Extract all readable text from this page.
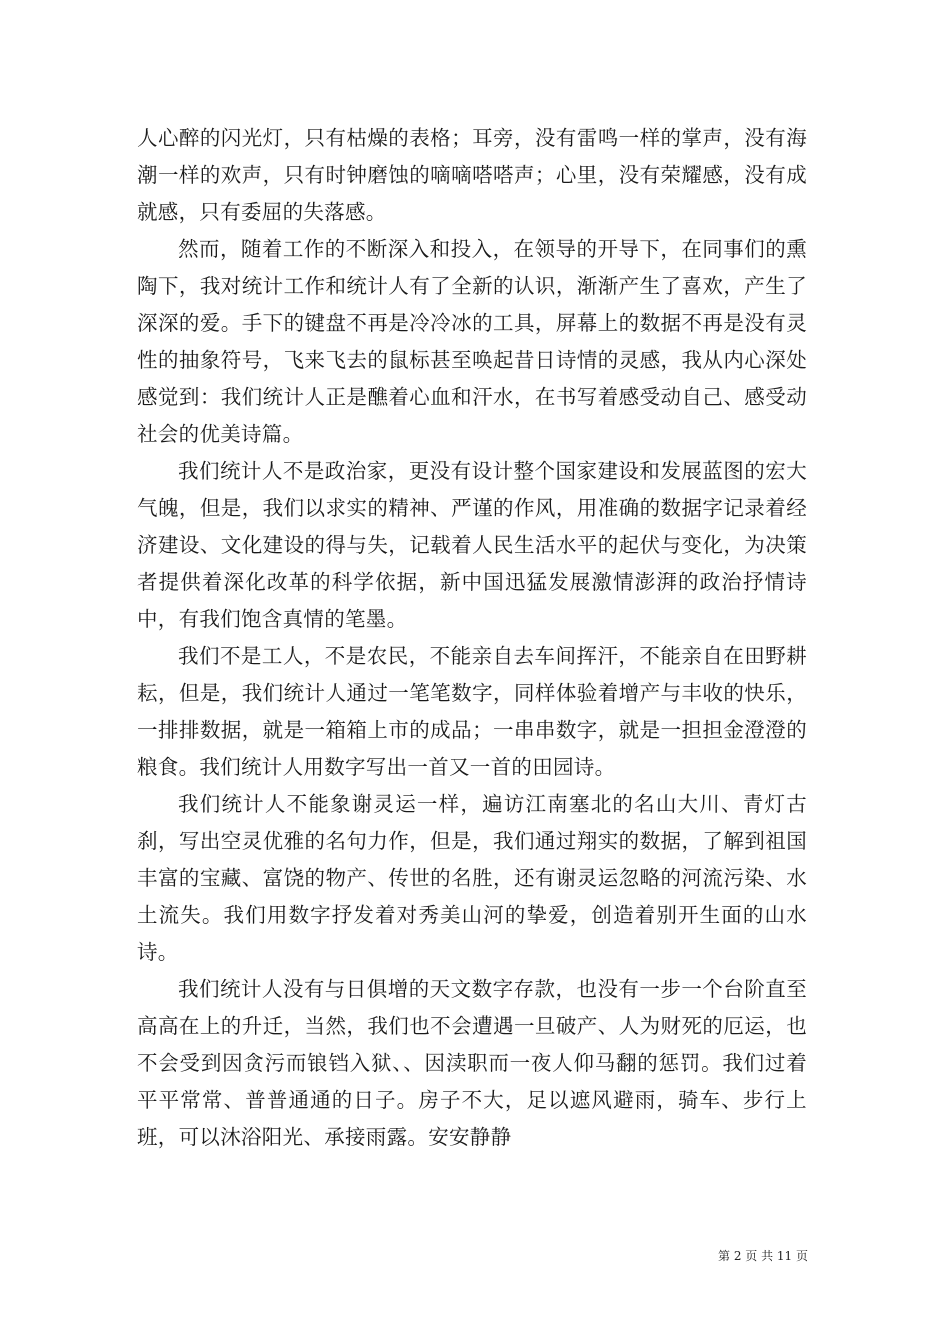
人心醉的闪光灯，只有枯燥的表格；耳旁，没有雷鸣一样的掌声，没有海潮一样的欢声，只有时钟磨蚀的嘀嘀嗒嗒声；心里，没有荣耀感，没有成就感，只有委屈的失落感。

然而，随着工作的不断深入和投入，在领导的开导下，在同事们的熏陶下，我对统计工作和统计人有了全新的认识，渐渐产生了喜欢，产生了深深的爱。手下的键盘不再是冷冷冰的工具，屏幕上的数据不再是没有灵性的抽象符号，飞来飞去的鼠标甚至唤起昔日诗情的灵感，我从内心深处感觉到：我们统计人正是醮着心血和汗水，在书写着感受动自己、感受动社会的优美诗篇。

我们统计人不是政治家，更没有设计整个国家建设和发展蓝图的宏大气魄，但是，我们以求实的精神、严谨的作风，用准确的数据字记录着经济建设、文化建设的得与失，记载着人民生活水平的起伏与变化，为决策者提供着深化改革的科学依据，新中国迅猛发展激情澎湃的政治抒情诗中，有我们饱含真情的笔墨。

我们不是工人，不是农民，不能亲自去车间挥汗，不能亲自在田野耕耘，但是，我们统计人通过一笔笔数字，同样体验着增产与丰收的快乐，一排排数据，就是一箱箱上市的成品；一串串数字，就是一担担金澄澄的粮食。我们统计人用数字写出一首又一首的田园诗。

我们统计人不能象谢灵运一样，遍访江南塞北的名山大川、青灯古刹，写出空灵优雅的名句力作，但是，我们通过翔实的数据，了解到祖国丰富的宝藏、富饶的物产、传世的名胜，还有谢灵运忽略的河流污染、水土流失。我们用数字抒发着对秀美山河的挚爱，创造着别开生面的山水诗。

我们统计人没有与日俱增的天文数字存款，也没有一步一个台阶直至高高在上的升迁，当然，我们也不会遭遇一旦破产、人为财死的厄运，也不会受到因贪污而锒铛入狱、、因渎职而一夜人仰马翻的惩罚。我们过着平平常常、普普通通的日子。房子不大，足以遮风避雨，骑车、步行上班，可以沐浴阳光、承接雨露。安安静静

第 2 页 共 11 页
